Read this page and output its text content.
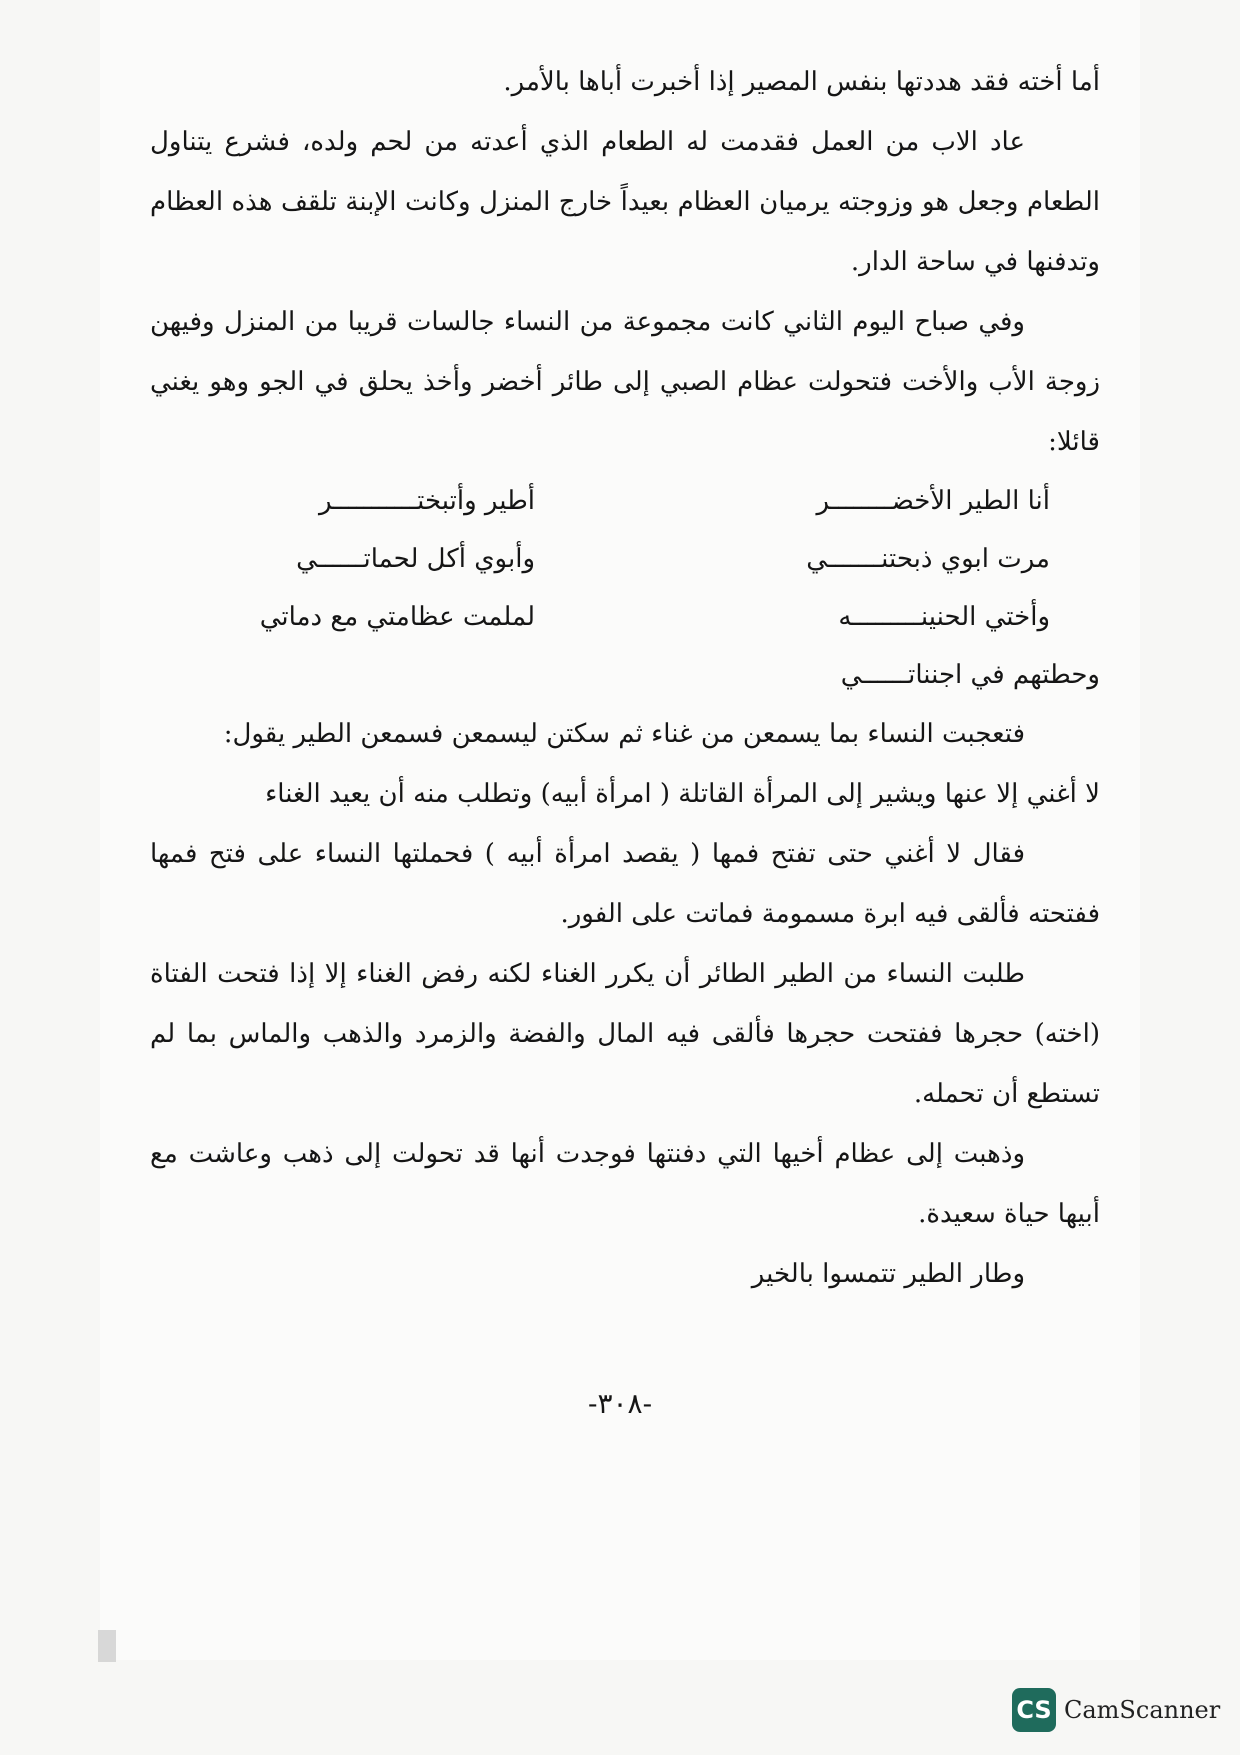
أما أخته فقد هددتها بنفس المصير إذا أخبرت أباها بالأمر.

عاد الاب من العمل فقدمت له الطعام الذي أعدته من لحم ولده، فشرع يتناول الطعام وجعل هو وزوجته يرميان العظام بعيداً خارج المنزل وكانت الإبنة تلقف هذه العظام وتدفنها في ساحة الدار.

وفي صباح اليوم الثاني كانت مجموعة من النساء جالسات قريبا من المنزل وفيهن زوجة الأب والأخت فتحولت عظام الصبي إلى طائر أخضر وأخذ يحلق في الجو وهو يغني قائلا:

أنا الطير الأخضــــــــر
أطير وأتبختـــــــــــر
مرت ابوي ذبحتنـــــــي
وأبوي أكل لحماتــــــي
وأختي الحنينـــــــــه
لملمت عظامتي مع دماتي
وحطتهم في اجنناتــــــي

فتعجبت النساء بما يسمعن من غناء ثم سكتن ليسمعن فسمعن الطير يقول:

لا أغني إلا عنها ويشير إلى المرأة القاتلة ( امرأة أبيه) وتطلب منه أن يعيد الغناء

فقال لا أغني حتى تفتح فمها ( يقصد امرأة أبيه ) فحملتها النساء على فتح فمها ففتحته فألقى فيه ابرة مسمومة فماتت على الفور.

طلبت النساء من الطير الطائر أن يكرر الغناء لكنه رفض الغناء إلا إذا فتحت الفتاة (اخته) حجرها ففتحت حجرها فألقى فيه المال والفضة والزمرد والذهب والماس بما لم تستطع أن تحمله.

وذهبت إلى عظام أخيها التي دفنتها فوجدت أنها قد تحولت إلى ذهب وعاشت مع أبيها حياة سعيدة.

وطار الطير تتمسوا بالخير

-٣٠٨-
CS CamScanner
